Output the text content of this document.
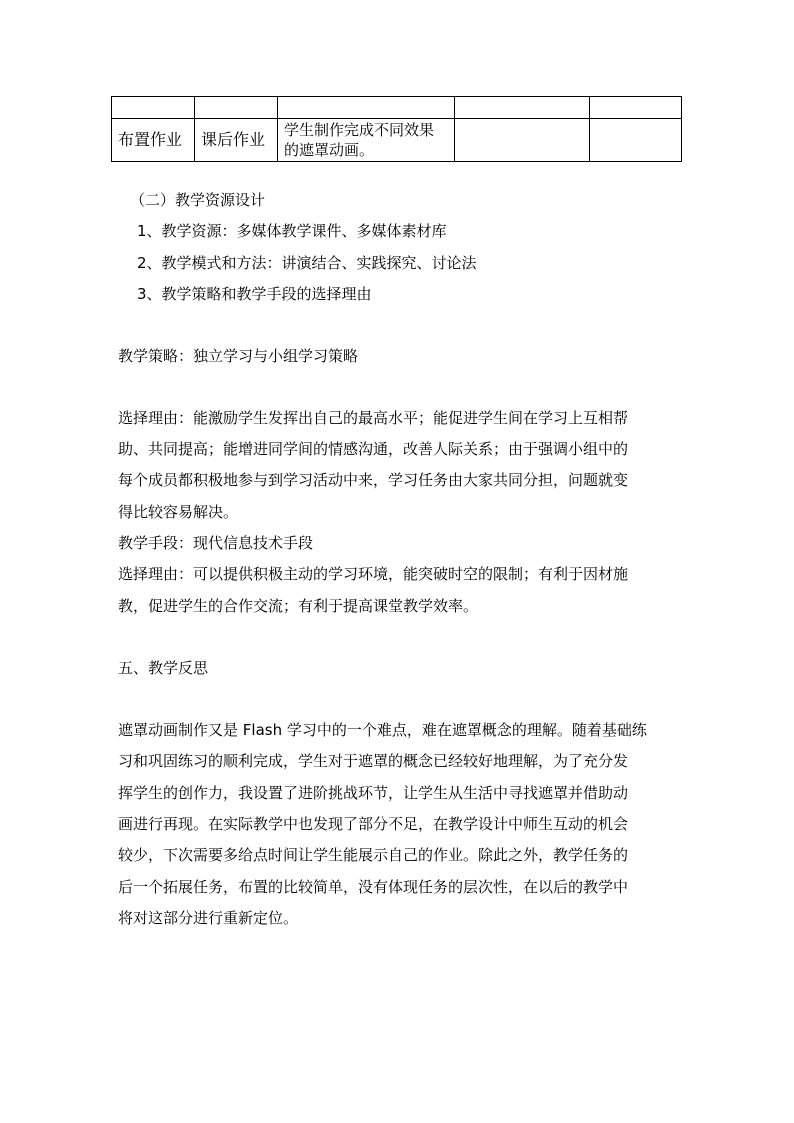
布置作业	课后作业	学生制作完成不同效果的遮罩动画。		
（二）教学资源设计
1、教学资源：多媒体教学课件、多媒体素材库
2、教学模式和方法：讲演结合、实践探究、讨论法
3、教学策略和教学手段的选择理由
教学策略：独立学习与小组学习策略
选择理由：能激励学生发挥出自己的最高水平；能促进学生间在学习上互相帮
助、共同提高；能增进同学间的情感沟通，改善人际关系；由于强调小组中的
每个成员都积极地参与到学习活动中来，学习任务由大家共同分担，问题就变
得比较容易解决。
教学手段：现代信息技术手段
选择理由：可以提供积极主动的学习环境，能突破时空的限制；有利于因材施
教，促进学生的合作交流；有利于提高课堂教学效率。
五、教学反思
遮罩动画制作又是 Flash 学习中的一个难点，难在遮罩概念的理解。随着基础练
习和巩固练习的顺利完成，学生对于遮罩的概念已经较好地理解，为了充分发
挥学生的创作力，我设置了进阶挑战环节，让学生从生活中寻找遮罩并借助动
画进行再现。在实际教学中也发现了部分不足，在教学设计中师生互动的机会
较少，下次需要多给点时间让学生能展示自己的作业。除此之外，教学任务的
后一个拓展任务，布置的比较简单，没有体现任务的层次性，在以后的教学中
将对这部分进行重新定位。
